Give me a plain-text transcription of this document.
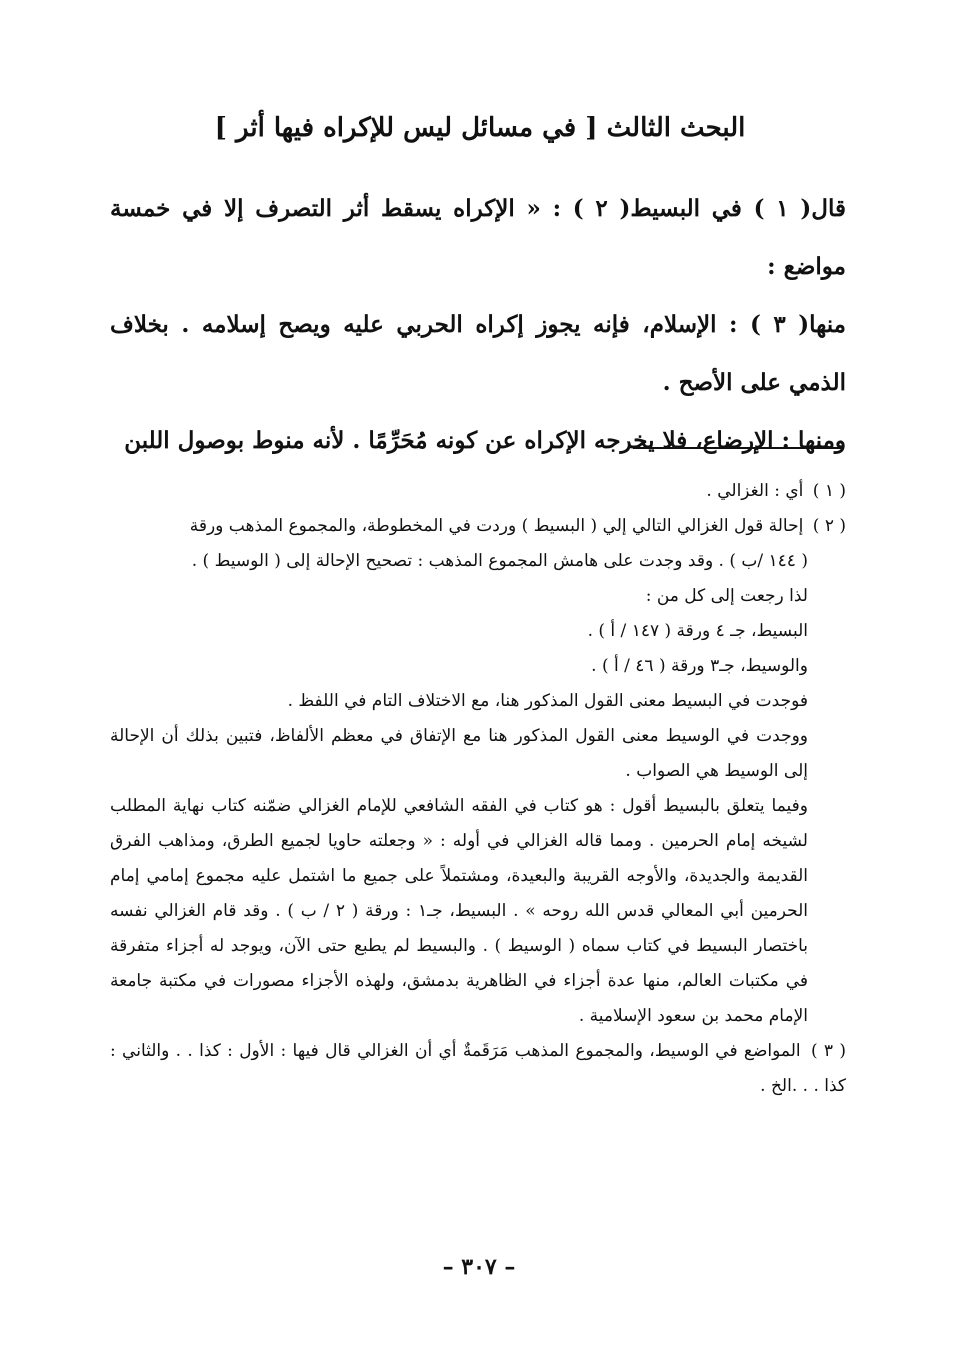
البحث الثالث [ في مسائل ليس للإكراه فيها أثر ]

قال( ١ ) في البسيط( ٢ ) : « الإكراه يسقط أثر التصرف إلا في خمسة مواضع :

منها( ٣ ) : الإسلام، فإنه يجوز إكراه الحربي عليه ويصح إسلامه . بخلاف الذمي على الأصح .

ومنها : الإرضاع، فلا يخرجه الإكراه عن كونه مُحَرِّمًا . لأنه منوط بوصول اللبن

( ١ ) أي : الغزالي .

( ٢ ) إحالة قول الغزالي التالي إلي ( البسيط ) وردت في المخطوطة، والمجموع المذهب ورقة

( ١٤٤ /ب ) . وقد وجدت على هامش المجموع المذهب : تصحيح الإحالة إلى ( الوسيط ) .

لذا رجعت إلى كل من :

البسيط، جـ ٤ ورقة ( ١٤٧ / أ ) .

والوسيط، جـ٣ ورقة ( ٤٦ / أ ) .

فوجدت في البسيط معنى القول المذكور هنا، مع الاختلاف التام في اللفظ .

ووجدت في الوسيط معنى القول المذكور هنا مع الإتفاق في معظم الألفاظ، فتبين بذلك أن الإحالة إلى الوسيط هي الصواب .

وفيما يتعلق بالبسيط أقول : هو كتاب في الفقه الشافعي للإمام الغزالي ضمّنه كتاب نهاية المطلب لشيخه إمام الحرمين . ومما قاله الغزالي في أوله : « وجعلته حاويا لجميع الطرق، ومذاهب الفرق القديمة والجديدة، والأوجه القريبة والبعيدة، ومشتملاً على جميع ما اشتمل عليه مجموع إمامي إمام الحرمين أبي المعالي قدس الله روحه » . البسيط، جـ١ : ورقة ( ٢ / ب ) . وقد قام الغزالي نفسه باختصار البسيط في كتاب سماه ( الوسيط ) . والبسيط لم يطبع حتى الآن، ويوجد له أجزاء متفرقة في مكتبات العالم، منها عدة أجزاء في الظاهرية بدمشق، ولهذه الأجزاء مصورات في مكتبة جامعة الإمام محمد بن سعود الإسلامية .

( ٣ ) المواضع في الوسيط، والمجموع المذهب مَرَقَمةٌ أي أن الغزالي قال فيها : الأول : كذا . . والثاني : كذا . . .الخ .

– ٣٠٧ –
